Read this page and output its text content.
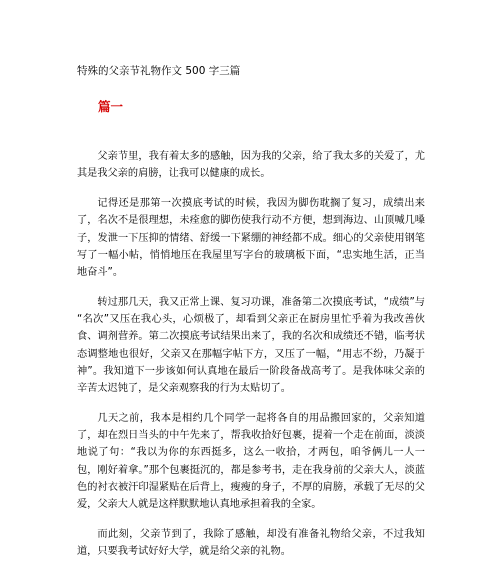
特殊的父亲节礼物作文 500 字三篇
篇一

父亲节里，我有着太多的感触，因为我的父亲，给了我太多的关爱了，尤其是我父亲的肩膀，让我可以健康的成长。

记得还是那第一次摸底考试的时候，我因为脚伤耽搁了复习，成绩出来了，名次不是很理想，未痊愈的脚伤使我行动不方便，想到海边、山顶喊几嗓子，发泄一下压抑的情绪、舒缓一下紧绷的神经都不成。细心的父亲使用钢笔写了一幅小帖，悄悄地压在我屋里写字台的玻璃板下面，“忠实地生活，正当地奋斗”。

转过那几天，我又正常上课、复习功课，准备第二次摸底考试，“成绩”与“名次”又压在我心头，心烦极了，却看到父亲正在厨房里忙乎着为我改善伙食、调剂营养。第二次摸底考试结果出来了，我的名次和成绩还不错，临考状态调整地也很好，父亲又在那幅字帖下方，又压了一幅，“用志不纷，乃凝于神”。我知道下一步该如何认真地在最后一阶段备战高考了。是我体味父亲的辛苦太迟钝了，是父亲观察我的行为太贴切了。

几天之前，我本是相约几个同学一起将各自的用品搬回家的，父亲知道了，却在烈日当头的中午先来了，帮我收拾好包裹，提着一个走在前面，淡淡地说了句：“我以为你的东西挺多，这么一收拾，才两包，咱爷俩儿一人一包，刚好着拿。”那个包裹挺沉的，都是参考书，走在我身前的父亲大人，淡蓝色的衬衣被汗印湿紧贴在后背上，瘦瘦的身子，不厚的肩膀，承载了无尽的父爱，父亲大人就是这样默默地认真地承担着我的全家。

而此刻，父亲节到了，我除了感触，却没有准备礼物给父亲，不过我知道，只要我考试好好大学，就是给父亲的礼物。
